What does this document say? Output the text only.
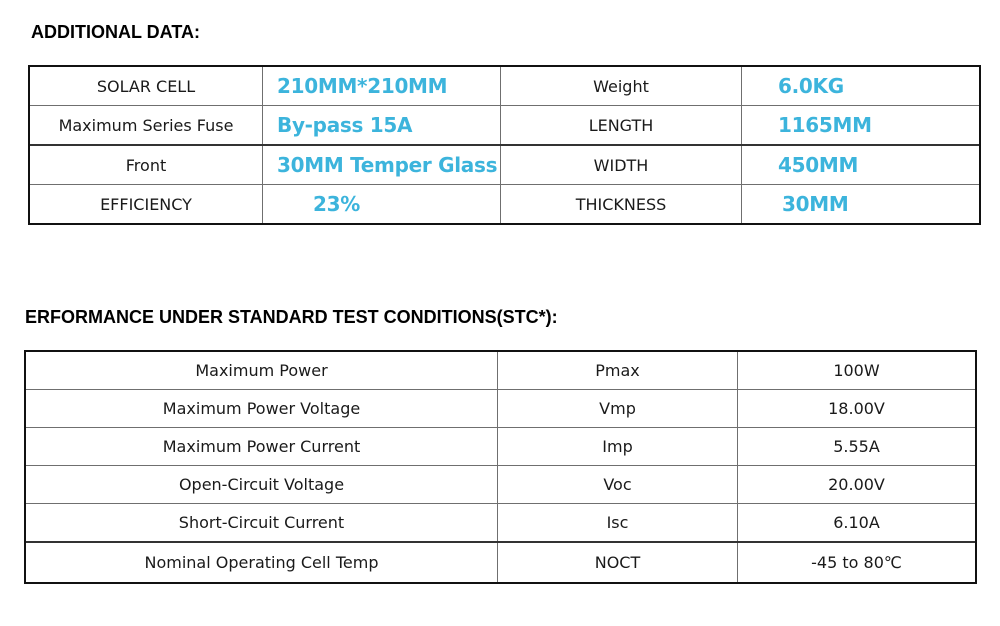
ADDITIONAL DATA:
SOLAR CELL	210MM*210MM	Weight	6.0KG
Maximum Series Fuse	By-pass 15A	LENGTH	1165MM
Front	30MM Temper Glass	WIDTH	450MM
EFFICIENCY	23%	THICKNESS	30MM
ERFORMANCE UNDER STANDARD TEST CONDITIONS(STC*):
Maximum Power	Pmax	100W
Maximum Power Voltage	Vmp	18.00V
Maximum Power Current	Imp	5.55A
Open-Circuit Voltage	Voc	20.00V
Short-Circuit Current	Isc	6.10A
Nominal Operating Cell Temp	NOCT	-45 to 80℃
